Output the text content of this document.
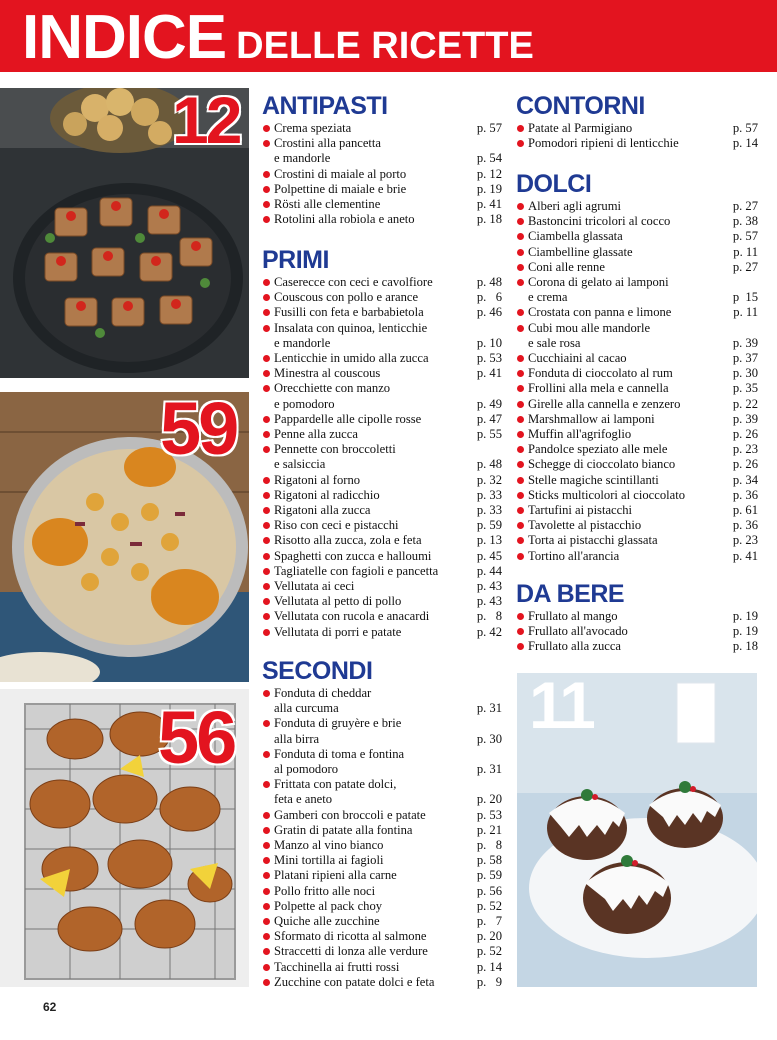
INDICE DELLE RICETTE
12
59
56	11
ANTIPASTI
Crema speziata	p. 57
Crostini alla pancetta
e mandorle	p. 54
Crostini di maiale al porto	p. 12
Polpettine di maiale e brie	p. 19
Rösti alle clementine	p. 41
Rotolini alla robiola e aneto	p. 18
PRIMI
Caserecce con ceci e cavolfiore	p. 48
Couscous con pollo e arance	p.   6
Fusilli con feta e barbabietola	p. 46
Insalata con quinoa, lenticchie
e mandorle	p. 10
Lenticchie in umido alla zucca	p. 53
Minestra al couscous	p. 41
Orecchiette con manzo
e pomodoro	p. 49
Pappardelle alle cipolle rosse	p. 47
Penne alla zucca	p. 55
Pennette con broccoletti
e salsiccia	p. 48
Rigatoni al forno	p. 32
Rigatoni al radicchio	p. 33
Rigatoni alla zucca	p. 33
Riso con ceci e pistacchi	p. 59
Risotto alla zucca, zola e feta	p. 13
Spaghetti con zucca e halloumi	p. 45
Tagliatelle con fagioli e pancetta	p. 44
Vellutata ai ceci	p. 43
Vellutata al petto di pollo	p. 43
Vellutata con rucola e anacardi	p.   8
Vellutata di porri e patate	p. 42
SECONDI
Fonduta di cheddar
alla curcuma	p. 31
Fonduta di gruyère e brie
alla birra	p. 30
Fonduta di toma e fontina
al pomodoro	p. 31
Frittata con patate dolci,
feta e aneto	p. 20
Gamberi con broccoli e patate	p. 53
Gratin di patate alla fontina	p. 21
Manzo al vino bianco	p.   8
Mini tortilla ai fagioli	p. 58
Platani ripieni alla carne	p. 59
Pollo fritto alle noci	p. 56
Polpette al pack choy	p. 52
Quiche alle zucchine	p.   7
Sformato di ricotta al salmone	p. 20
Straccetti di lonza alle verdure	p. 52
Tacchinella ai frutti rossi	p. 14
Zucchine con patate dolci e feta	p.   9
CONTORNI
Patate al Parmigiano	p. 57
Pomodori ripieni di lenticchie	p. 14
DOLCI
Alberi agli agrumi	p. 27
Bastoncini tricolori al cocco	p. 38
Ciambella glassata	p. 57
Ciambelline glassate	p. 11
Coni alle renne	p. 27
Corona di gelato ai lamponi
e crema	p  15
Crostata con panna e limone	p. 11
Cubi mou alle mandorle
e sale rosa	p. 39
Cucchiaini al cacao	p. 37
Fonduta di cioccolato al rum	p. 30
Frollini alla mela e cannella	p. 35
Girelle alla cannella e zenzero	p. 22
Marshmallow ai lamponi	p. 39
Muffin all'agrifoglio	p. 26
Pandolce speziato alle mele	p. 23
Schegge di cioccolato bianco	p. 26
Stelle magiche scintillanti	p. 34
Sticks multicolori al cioccolato	p. 36
Tartufini ai pistacchi	p. 61
Tavolette al pistacchio	p. 36
Torta ai pistacchi glassata	p. 23
Tortino all'arancia	p. 41
DA BERE
Frullato al mango	p. 19
Frullato all'avocado	p. 19
Frullato alla zucca	p. 18
62
